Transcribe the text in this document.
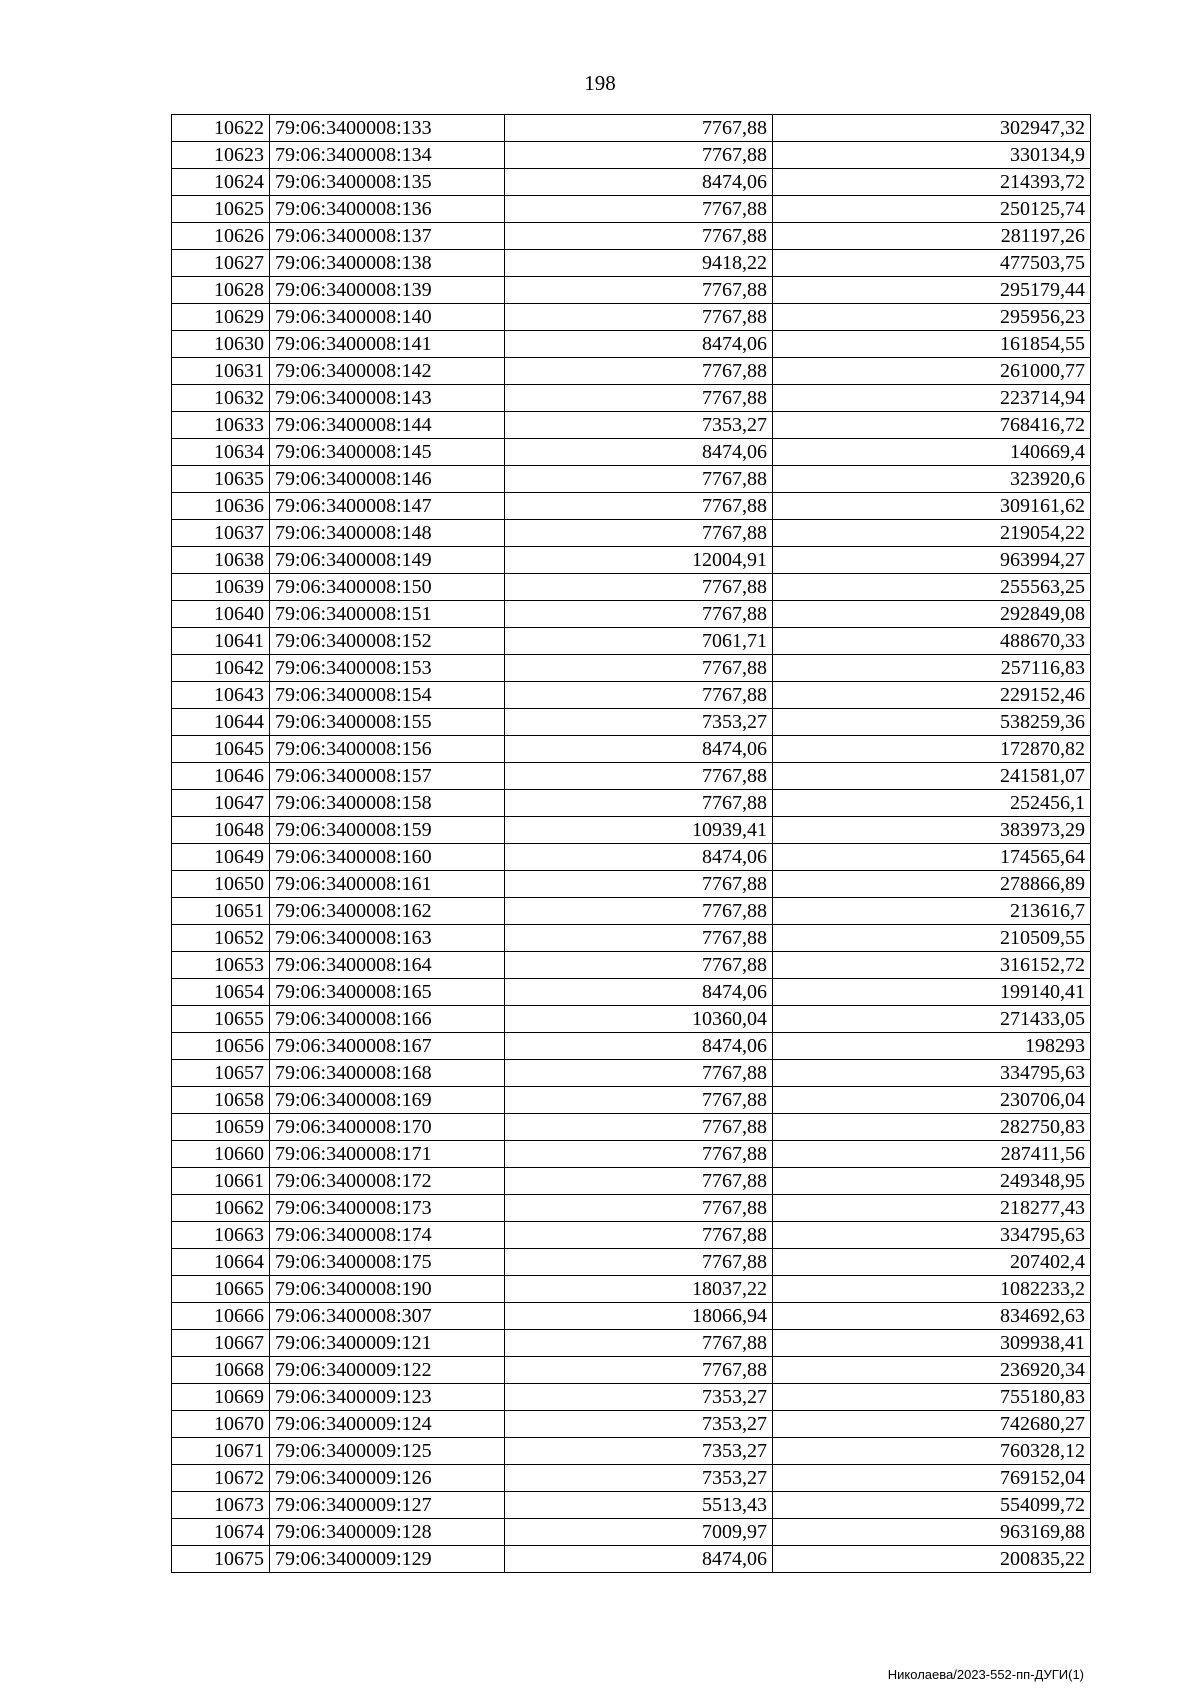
198
10622	79:06:3400008:133	7767,88	302947,32
10623	79:06:3400008:134	7767,88	330134,9
10624	79:06:3400008:135	8474,06	214393,72
10625	79:06:3400008:136	7767,88	250125,74
10626	79:06:3400008:137	7767,88	281197,26
10627	79:06:3400008:138	9418,22	477503,75
10628	79:06:3400008:139	7767,88	295179,44
10629	79:06:3400008:140	7767,88	295956,23
10630	79:06:3400008:141	8474,06	161854,55
10631	79:06:3400008:142	7767,88	261000,77
10632	79:06:3400008:143	7767,88	223714,94
10633	79:06:3400008:144	7353,27	768416,72
10634	79:06:3400008:145	8474,06	140669,4
10635	79:06:3400008:146	7767,88	323920,6
10636	79:06:3400008:147	7767,88	309161,62
10637	79:06:3400008:148	7767,88	219054,22
10638	79:06:3400008:149	12004,91	963994,27
10639	79:06:3400008:150	7767,88	255563,25
10640	79:06:3400008:151	7767,88	292849,08
10641	79:06:3400008:152	7061,71	488670,33
10642	79:06:3400008:153	7767,88	257116,83
10643	79:06:3400008:154	7767,88	229152,46
10644	79:06:3400008:155	7353,27	538259,36
10645	79:06:3400008:156	8474,06	172870,82
10646	79:06:3400008:157	7767,88	241581,07
10647	79:06:3400008:158	7767,88	252456,1
10648	79:06:3400008:159	10939,41	383973,29
10649	79:06:3400008:160	8474,06	174565,64
10650	79:06:3400008:161	7767,88	278866,89
10651	79:06:3400008:162	7767,88	213616,7
10652	79:06:3400008:163	7767,88	210509,55
10653	79:06:3400008:164	7767,88	316152,72
10654	79:06:3400008:165	8474,06	199140,41
10655	79:06:3400008:166	10360,04	271433,05
10656	79:06:3400008:167	8474,06	198293
10657	79:06:3400008:168	7767,88	334795,63
10658	79:06:3400008:169	7767,88	230706,04
10659	79:06:3400008:170	7767,88	282750,83
10660	79:06:3400008:171	7767,88	287411,56
10661	79:06:3400008:172	7767,88	249348,95
10662	79:06:3400008:173	7767,88	218277,43
10663	79:06:3400008:174	7767,88	334795,63
10664	79:06:3400008:175	7767,88	207402,4
10665	79:06:3400008:190	18037,22	1082233,2
10666	79:06:3400008:307	18066,94	834692,63
10667	79:06:3400009:121	7767,88	309938,41
10668	79:06:3400009:122	7767,88	236920,34
10669	79:06:3400009:123	7353,27	755180,83
10670	79:06:3400009:124	7353,27	742680,27
10671	79:06:3400009:125	7353,27	760328,12
10672	79:06:3400009:126	7353,27	769152,04
10673	79:06:3400009:127	5513,43	554099,72
10674	79:06:3400009:128	7009,97	963169,88
10675	79:06:3400009:129	8474,06	200835,22
Николаева/2023-552-пп-ДУГИ(1)
